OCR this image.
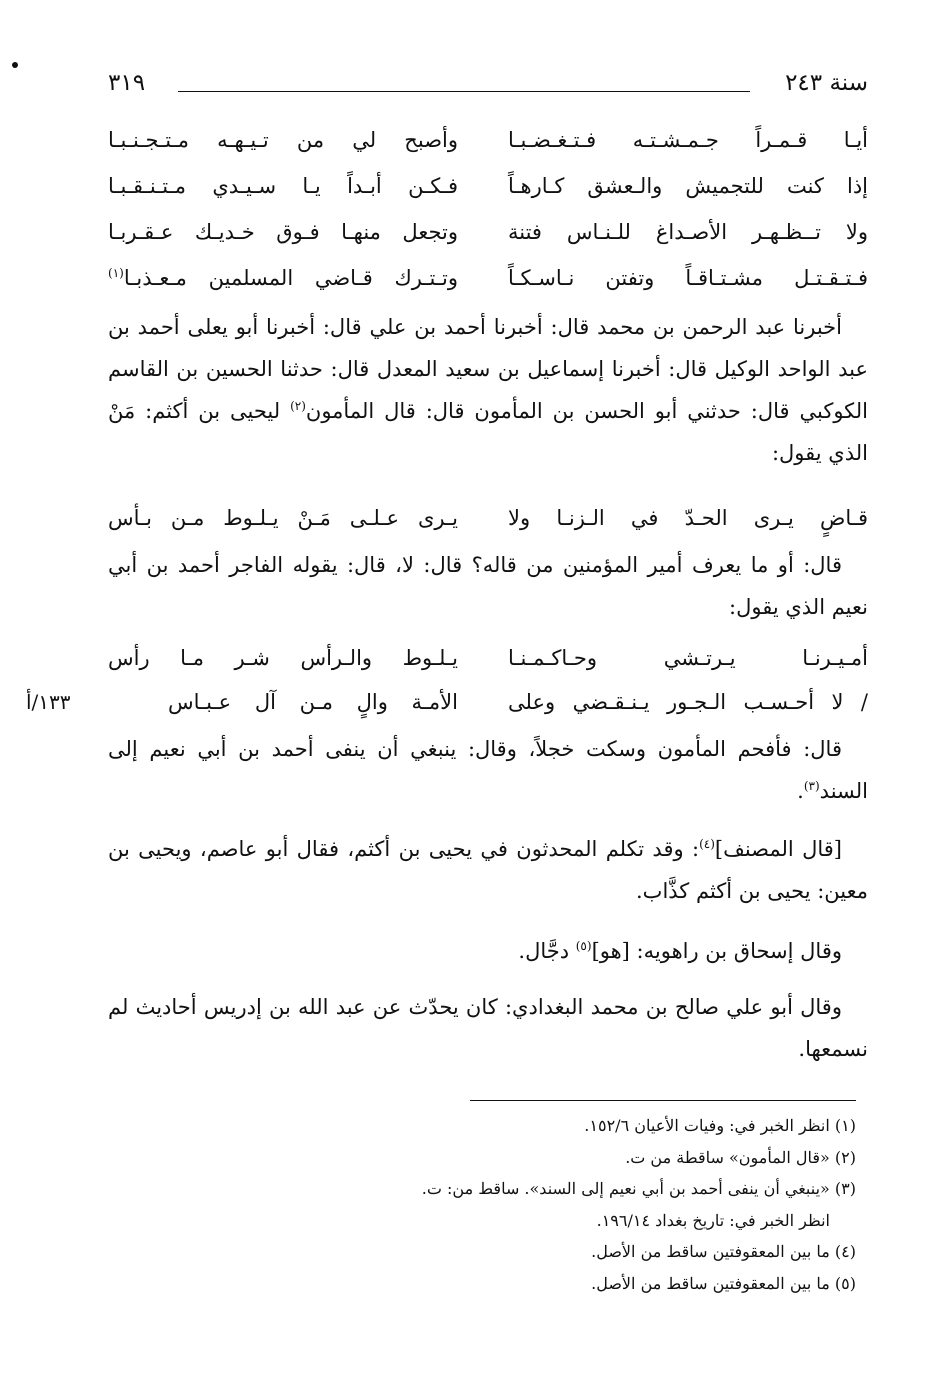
سنة ٢٤٣
٣١٩
أيـا قـمـراً جـمـشـتـه فـتـغـضـبـا
وأصبح لي من تـيـهـه مـتـجـنـبـا
إذا كنت للتجميش والـعشق كـارهـاً
فـكـن أبـداً يـا سـيـدي مـتـنـقـبـا
ولا تــظـهـر الأصـداغ للـنـاس فتنة
وتجعل منهـا فـوق خـديـك عـقـربـا
فـتـقـتـل مشـتـاقـاً وتفتن نـاسـكـاً
وتـتـرك قـاضي المسلمين مـعـذبـا$^{(١)}$

أخبرنا عبد الرحمن بن محمد قال: أخبرنا أحمد بن علي قال: أخبرنا أبو يعلى أحمد بن عبد الواحد الوكيل قال: أخبرنا إسماعيل بن سعيد المعدل قال: حدثنا الحسين بن القاسم الكوكبي قال: حدثني أبو الحسن بن المأمون قال: قال المأمون$^{(٢)}$ ليحيى بن أكثم: مَنْ الذي يقول:

قـاضٍ يـرى الحـدّ في الـزنـا ولا
يـرى عـلـى مَـنْ يـلـوط مـن بـأس

قال: أو ما يعرف أمير المؤمنين من قاله؟ قال: لا، قال: يقوله الفاجر أحمد بن أبي نعيم الذي يقول:

أمـيـرنـا يـرتـشي وحـاكـمـنـا
يـلـوط والـرأس شـر مـا رأس
/ لا أحـسـب الـجـور يـنـقـضي وعلى
الأمـة والٍ مـن آل عـبـاس
١٣٣/أ

قال: فأفحم المأمون وسكت خجلاً، وقال: ينبغي أن ينفى أحمد بن أبي نعيم إلى السند$^{(٣)}$.

[قال المصنف]$^{(٤)}$: وقد تكلم المحدثون في يحيى بن أكثم، فقال أبو عاصم، ويحيى بن معين: يحيى بن أكثم كذَّاب.

وقال إسحاق بن راهويه: [هو]$^{(٥)}$ دجَّال.

وقال أبو علي صالح بن محمد البغدادي: كان يحدّث عن عبد الله بن إدريس أحاديث لم نسمعها.

(١) انظر الخبر في: وفيات الأعيان ١٥٢/٦.
(٢) «قال المأمون» ساقطة من ت.
(٣) «ينبغي أن ينفى أحمد بن أبي نعيم إلى السند». ساقط من: ت.
انظر الخبر في: تاريخ بغداد ١٩٦/١٤.
(٤) ما بين المعقوفتين ساقط من الأصل.
(٥) ما بين المعقوفتين ساقط من الأصل.
